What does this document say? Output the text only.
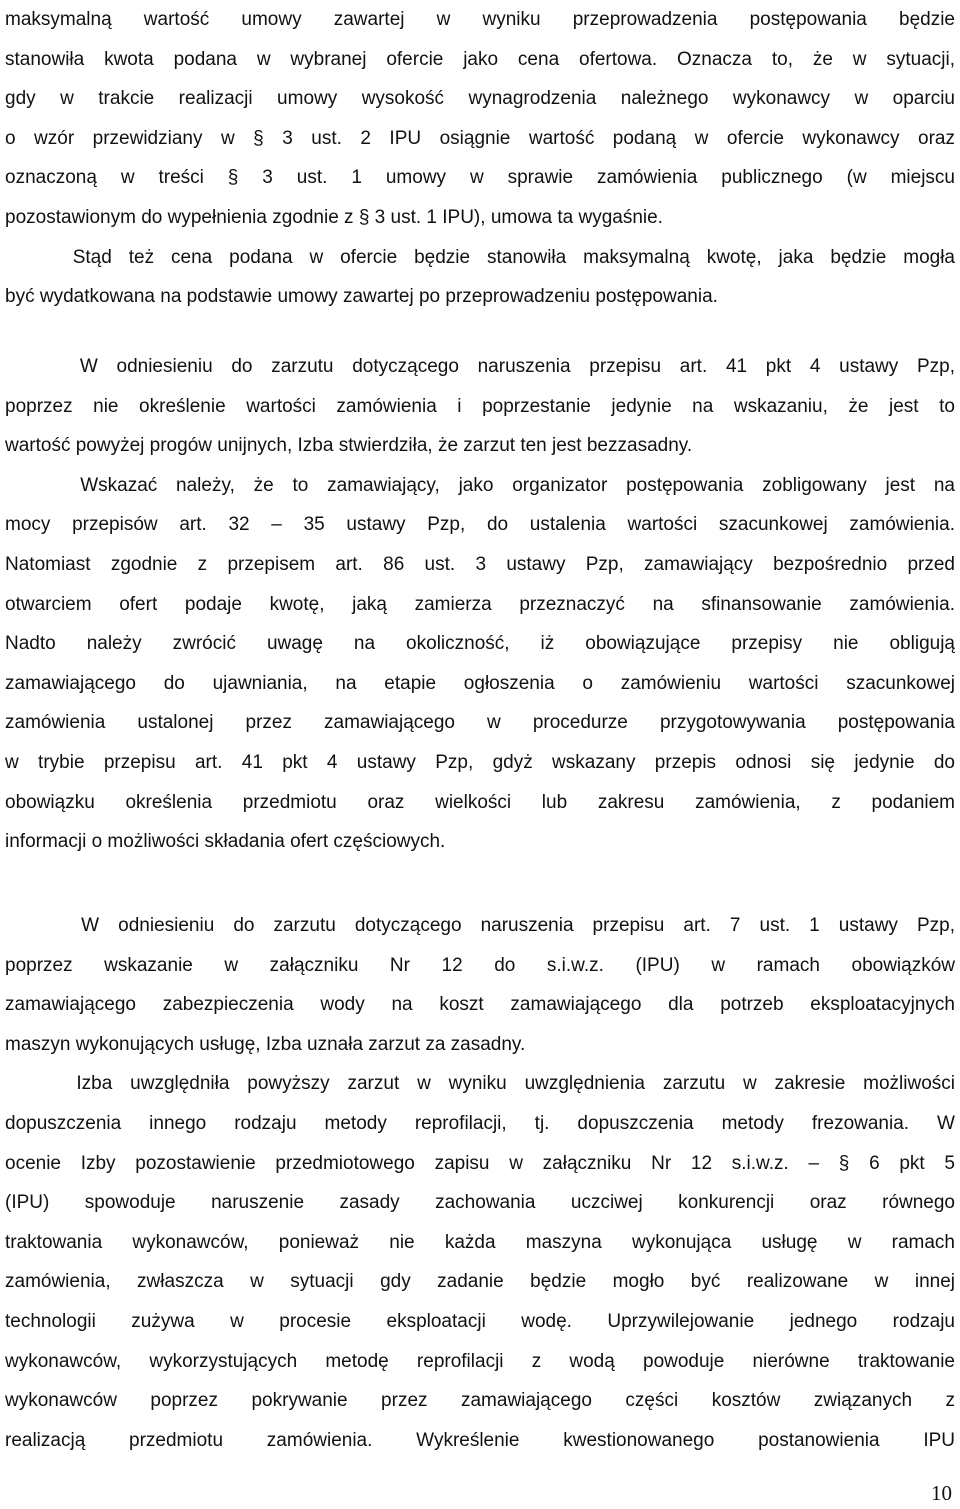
maksymalną wartość umowy zawartej w wyniku przeprowadzenia postępowania będzie
stanowiła kwota podana w wybranej ofercie jako cena ofertowa. Oznacza to, że w sytuacji,
gdy w trakcie realizacji umowy wysokość wynagrodzenia należnego wykonawcy w oparciu
o wzór przewidziany w § 3 ust. 2 IPU osiągnie wartość podaną w ofercie wykonawcy oraz
oznaczoną w treści § 3 ust. 1 umowy w sprawie zamówienia publicznego (w miejscu
pozostawionym do wypełnienia zgodnie z § 3 ust. 1 IPU), umowa ta wygaśnie.
Stąd też cena podana w ofercie będzie stanowiła maksymalną kwotę, jaka będzie mogła
być wydatkowana na podstawie umowy zawartej po przeprowadzeniu postępowania.
W odniesieniu do zarzutu dotyczącego naruszenia przepisu art. 41 pkt 4 ustawy Pzp,
poprzez nie określenie wartości zamówienia i poprzestanie jedynie na wskazaniu, że jest to
wartość powyżej progów unijnych, Izba stwierdziła, że zarzut ten jest bezzasadny.
Wskazać należy, że to zamawiający, jako organizator postępowania zobligowany jest na
mocy przepisów art. 32 – 35 ustawy Pzp, do ustalenia wartości szacunkowej zamówienia.
Natomiast zgodnie z przepisem art. 86 ust. 3 ustawy Pzp, zamawiający bezpośrednio przed
otwarciem ofert podaje kwotę, jaką zamierza przeznaczyć na sfinansowanie zamówienia.
Nadto należy zwrócić uwagę na okoliczność, iż obowiązujące przepisy nie obligują
zamawiającego do ujawniania, na etapie ogłoszenia o zamówieniu wartości szacunkowej
zamówienia ustalonej przez zamawiającego w procedurze przygotowywania postępowania
w trybie przepisu art. 41 pkt 4 ustawy Pzp, gdyż wskazany przepis odnosi się jedynie do
obowiązku określenia przedmiotu oraz wielkości lub zakresu zamówienia, z podaniem
informacji o możliwości składania ofert częściowych.
W odniesieniu do zarzutu dotyczącego naruszenia przepisu art. 7 ust. 1 ustawy Pzp,
poprzez wskazanie w załączniku Nr 12 do s.i.w.z. (IPU) w ramach obowiązków
zamawiającego zabezpieczenia wody na koszt zamawiającego dla potrzeb eksploatacyjnych
maszyn wykonujących usługę, Izba uznała zarzut za zasadny.
Izba uwzględniła powyższy zarzut w wyniku uwzględnienia zarzutu w zakresie możliwości
dopuszczenia innego rodzaju metody reprofilacji, tj. dopuszczenia metody frezowania. W
ocenie Izby pozostawienie przedmiotowego zapisu w załączniku Nr 12 s.i.w.z. – § 6 pkt 5
(IPU) spowoduje naruszenie zasady zachowania uczciwej konkurencji oraz równego
traktowania wykonawców, ponieważ nie każda maszyna wykonująca usługę w ramach
zamówienia, zwłaszcza w sytuacji gdy zadanie będzie mogło być realizowane w innej
technologii zużywa w procesie eksploatacji wodę. Uprzywilejowanie jednego rodzaju
wykonawców, wykorzystujących metodę reprofilacji z wodą powoduje nierówne traktowanie
wykonawców poprzez pokrywanie przez zamawiającego części kosztów związanych z
realizacją przedmiotu zamówienia. Wykreślenie kwestionowanego postanowienia IPU
10
